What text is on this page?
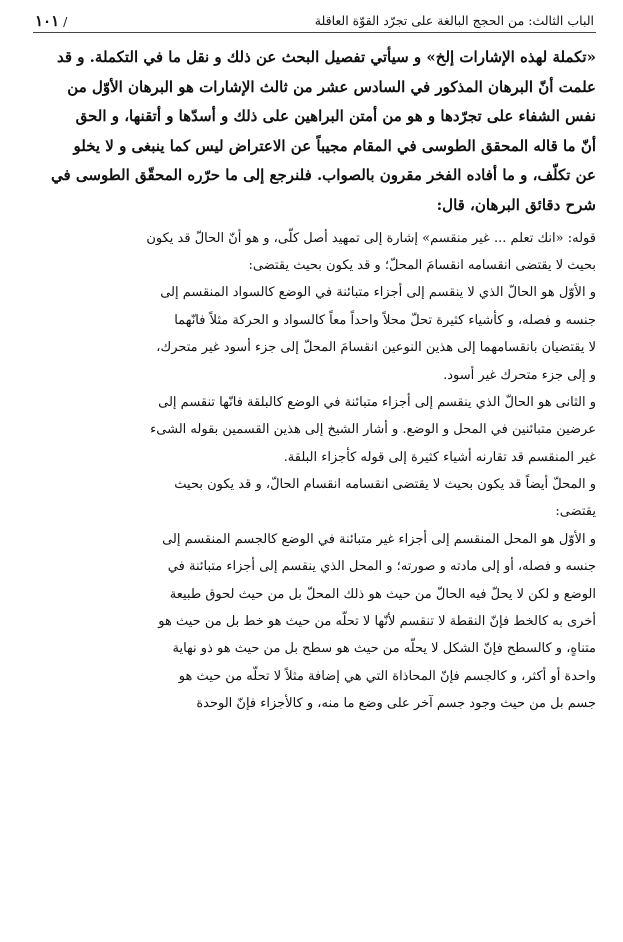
الباب الثالث: من الحجج البالغة على تجرّد القوّة العاقلة
/ ١٠١
«تكملة لهذه الإشارات إلخ» و سيأتي تفصيل البحث عن ذلك و نقل ما في التكملة. و قد
علمت أنّ البرهان المذكور في السادس عشر من ثالث الإشارات هو البرهان الأوّل من
نفس الشفاء على تجرّدها و هو من أمتن البراهين على ذلك و أسدّها و أتقنها، و الحق
أنّ ما قاله المحقق الطوسى في المقام مجيباً عن الاعتراض ليس كما ينبغى و لا يخلو
عن تكلّف، و ما أفاده الفخر مقرون بالصواب. فلنرجع إلى ما حرّره المحقّق الطوسى في
شرح دقائق البرهان، قال:
قوله: «انك تعلم ... غير منقسم» إشارة إلى تمهيد أصل كلّى، و هو أنّ الحالّ قد يكون
بحيث لا يقتضى انقسامه انقسامَ المحلّ؛ و قد يكون بحيث يقتضى:
و الأوّل هو الحالّ الذي لا ينقسم إلى أجزاء متبائنة في الوضع كالسواد المنقسم إلى
جنسه و فصله، و كأشياء كثيرة تحلّ محلاً واحداً معاً كالسواد و الحركة مثلاً فانّهما
لا يقتضيان بانقسامهما إلى هذين النوعين انقسامَ المحلّ إلى جزء أسود غير متحرك،
و إلى جزء متحرك غير أسود.
و الثانى هو الحالّ الذي ينقسم إلى أجزاء متبائنة في الوضع كالبلقة فانّها تنقسم إلى
عرضين متبائنين في المحل و الوضع. و أشار الشيخ إلى هذين القسمين بقوله الشىء
غير المنقسم قد تقارنه أشياء كثيرة إلى قوله كأجزاء البلقة.
و المحلّ أيضاً قد يكون بحيث لا يقتضى انقسامه انقسام الحالّ، و قد يكون بحيث
يقتضى:
و الأوّل هو المحل المنقسم إلى أجزاء غير متبائنة في الوضع كالجسم المنقسم إلى
جنسه و فصله، أو إلى مادته و صورته؛ و المحل الذي ينقسم إلى أجزاء متبائنة في
الوضع و لكن لا يحلّ فيه الحالّ من حيث هو ذلك المحلّ بل من حيث لحوق طبيعة
أخرى به كالخط فإنّ النقطة لا تنقسم لأنّها لا تحلّه من حيث هو خط بل من حيث هو
متناهٍ، و كالسطح فإنّ الشكل لا يحلّه من حيث هو سطح بل من حيث هو ذو نهاية
واحدة أو أكثر، و كالجسم فإنّ المحاذاة التي هي إضافة مثلاً لا تحلّه من حيث هو
جسم بل من حيث وجود جسم آخر على وضع ما منه، و كالأجزاء فإنّ الوحدة
